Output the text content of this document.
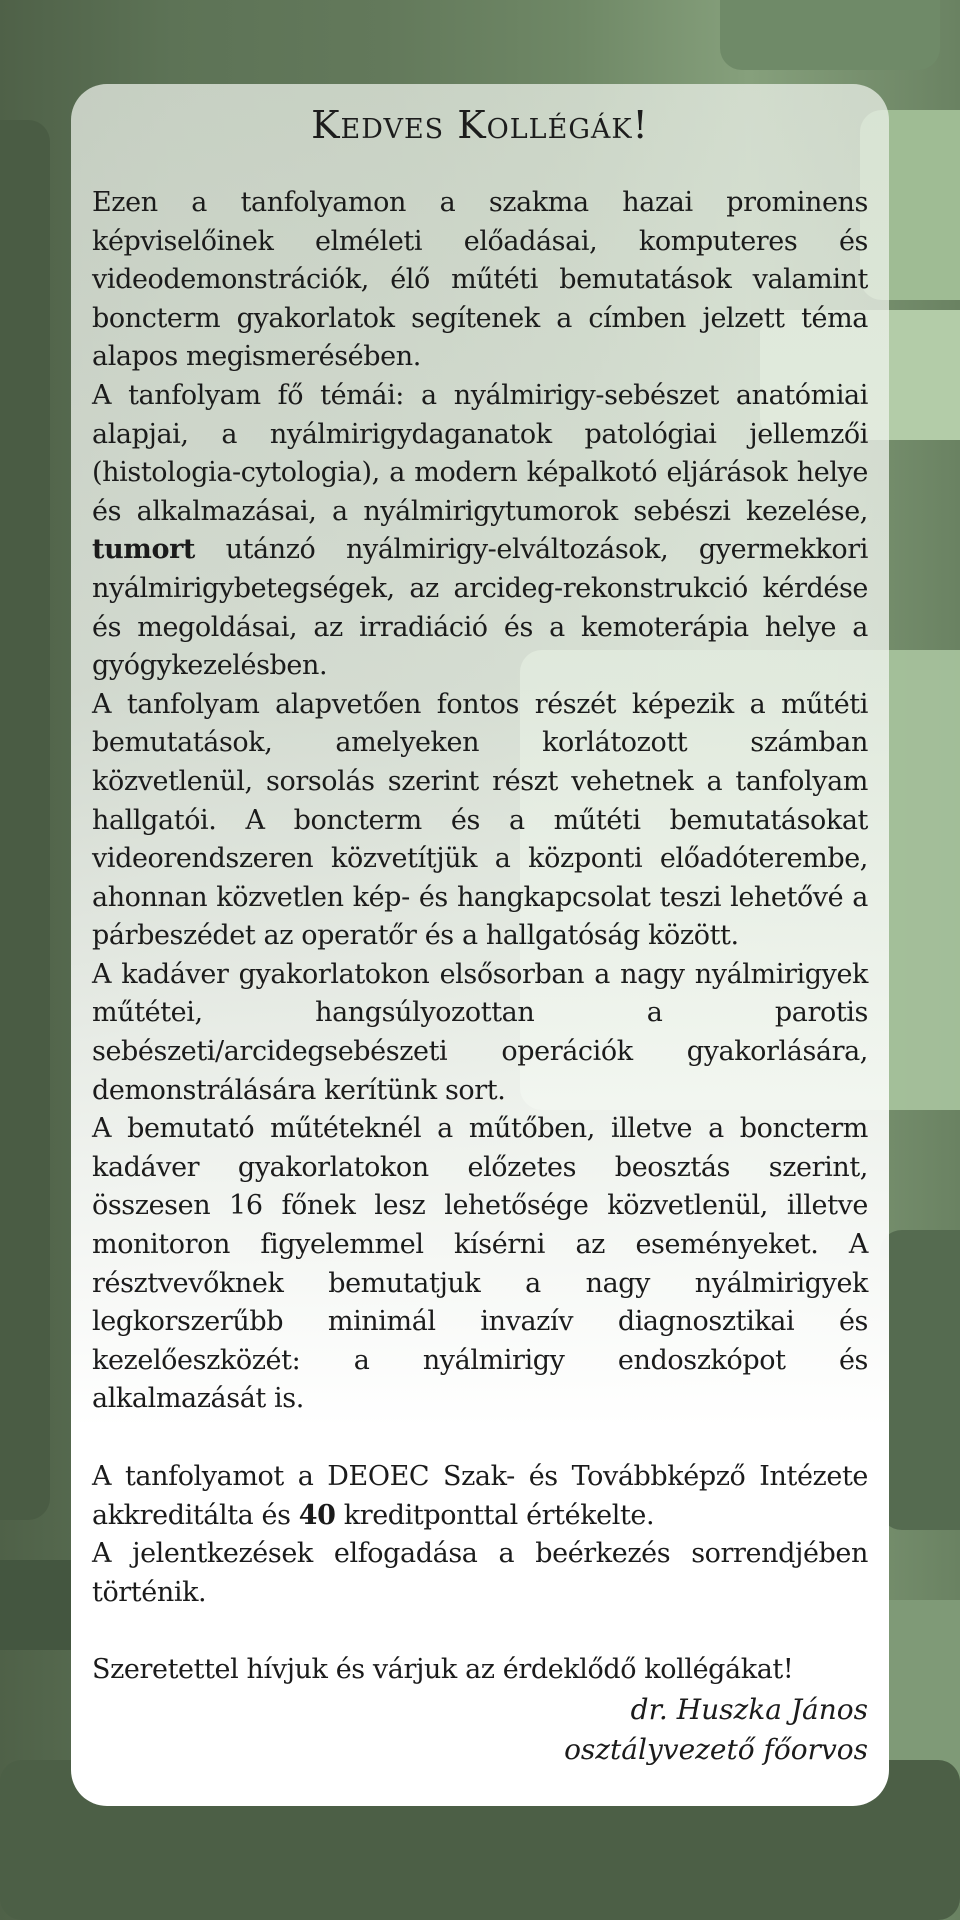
Kedves Kollégák!

Ezen a tanfolyamon a szakma hazai prominens képviselőinek elméleti előadásai, komputeres és videodemonstrációk, élő műtéti bemutatások valamint boncterm gyakorlatok segítenek a címben jelzett téma alapos megismerésében.

A tanfolyam fő témái: a nyálmirigy-sebészet anatómiai alapjai, a nyálmirigydaganatok patológiai jellemzői (histologia-cytologia), a modern képalkotó eljárások helye és alkalmazásai, a nyálmirigytumorok sebészi kezelése, tumort utánzó nyálmirigy-elváltozások, gyermekkori nyálmirigybetegségek, az arcideg-rekonstrukció kérdése és megoldásai, az irradiáció és a kemoterápia helye a gyógykezelésben.

A tanfolyam alapvetően fontos részét képezik a műtéti bemutatások, amelyeken korlátozott számban közvetlenül, sorsolás szerint részt vehetnek a tanfolyam hallgatói. A boncterm és a műtéti bemutatásokat videorendszeren közvetítjük a központi előadóterembe, ahonnan közvetlen kép- és hangkapcsolat teszi lehetővé a párbeszédet az operatőr és a hallgatóság között.

A kadáver gyakorlatokon elsősorban a nagy nyálmirigyek műtétei, hangsúlyozottan a parotis sebészeti/arcidegsebészeti operációk gyakorlására, demonstrálására kerítünk sort.

A bemutató műtéteknél a műtőben, illetve a boncterm kadáver gyakorlatokon előzetes beosztás szerint, összesen 16 főnek lesz lehetősége közvetlenül, illetve monitoron figyelemmel kísérni az eseményeket. A résztvevőknek bemutatjuk a nagy nyálmirigyek legkorszerűbb minimál invazív diagnosztikai és kezelőeszközét: a nyálmirigy endoszkópot és alkalmazását is.

A tanfolyamot a DEOEC Szak- és Továbbképző Intézete akkreditálta és 40 kreditponttal értékelte.

A jelentkezések elfogadása a beérkezés sorrendjében történik.

Szeretettel hívjuk és várjuk az érdeklődő kollégákat!

dr. Huszka János
osztályvezető főorvos
